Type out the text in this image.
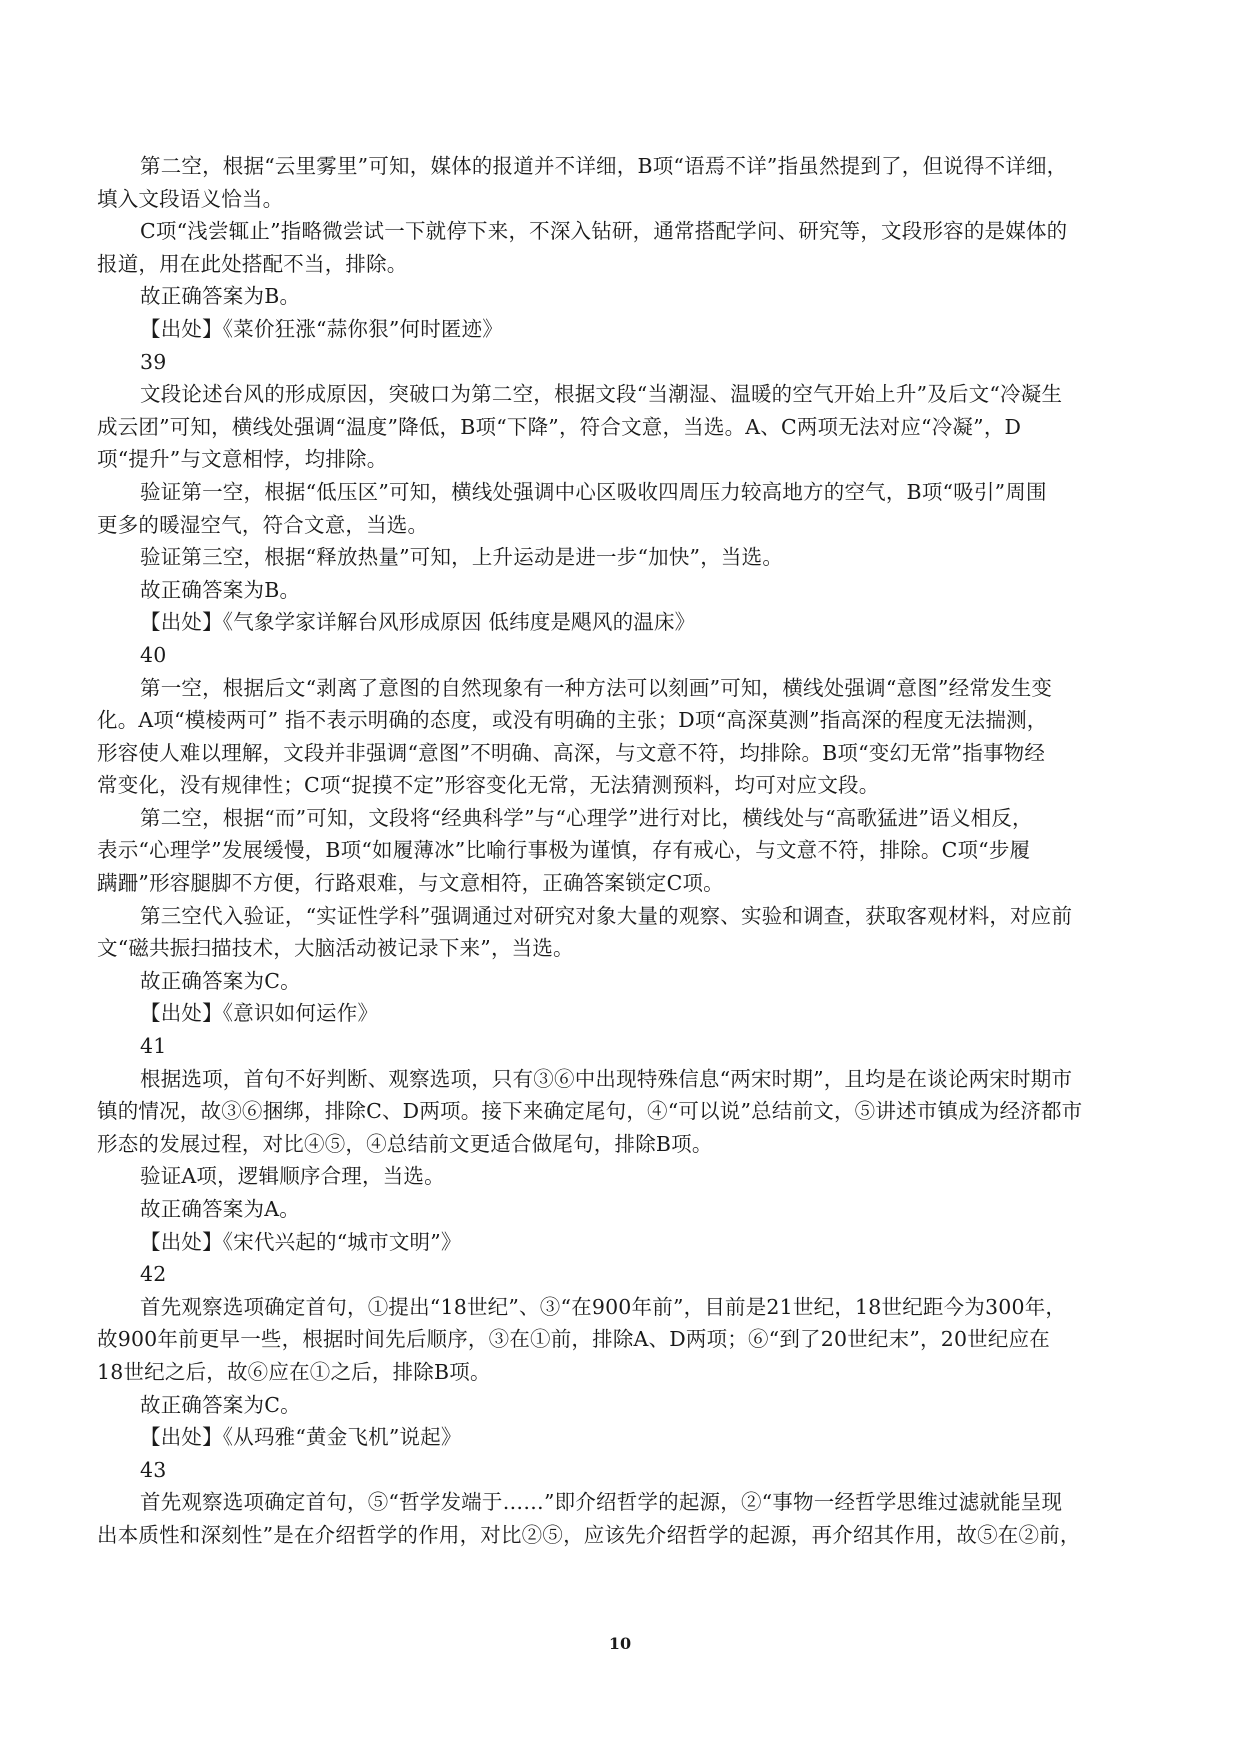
第二空，根据“云里雾里”可知，媒体的报道并不详细，B项“语焉不详”指虽然提到了，但说得不详细，
填入文段语义恰当。
C项“浅尝辄止”指略微尝试一下就停下来，不深入钻研，通常搭配学问、研究等，文段形容的是媒体的
报道，用在此处搭配不当，排除。
故正确答案为B。
【出处】《菜价狂涨“蒜你狠”何时匿迹》
39
文段论述台风的形成原因，突破口为第二空，根据文段“当潮湿、温暖的空气开始上升”及后文“冷凝生
成云团”可知，横线处强调“温度”降低，B项“下降”，符合文意，当选。A、C两项无法对应“冷凝”，D
项“提升”与文意相悖，均排除。
验证第一空，根据“低压区”可知，横线处强调中心区吸收四周压力较高地方的空气，B项“吸引”周围
更多的暖湿空气，符合文意，当选。
验证第三空，根据“释放热量”可知，上升运动是进一步“加快”，当选。
故正确答案为B。
【出处】《气象学家详解台风形成原因 低纬度是飓风的温床》
40
第一空，根据后文“剥离了意图的自然现象有一种方法可以刻画”可知，横线处强调“意图”经常发生变
化。A项“模棱两可” 指不表示明确的态度，或没有明确的主张；D项“高深莫测”指高深的程度无法揣测，
形容使人难以理解，文段并非强调“意图”不明确、高深，与文意不符，均排除。B项“变幻无常”指事物经
常变化，没有规律性；C项“捉摸不定”形容变化无常，无法猜测预料，均可对应文段。
第二空，根据“而”可知，文段将“经典科学”与“心理学”进行对比，横线处与“高歌猛进”语义相反，
表示“心理学”发展缓慢，B项“如履薄冰”比喻行事极为谨慎，存有戒心，与文意不符，排除。C项“步履
蹒跚”形容腿脚不方便，行路艰难，与文意相符，正确答案锁定C项。
第三空代入验证，“实证性学科”强调通过对研究对象大量的观察、实验和调查，获取客观材料，对应前
文“磁共振扫描技术，大脑活动被记录下来”，当选。
故正确答案为C。
【出处】《意识如何运作》
41
根据选项，首句不好判断、观察选项，只有③⑥中出现特殊信息“两宋时期”，且均是在谈论两宋时期市
镇的情况，故③⑥捆绑，排除C、D两项。接下来确定尾句，④“可以说”总结前文，⑤讲述市镇成为经济都市
形态的发展过程，对比④⑤，④总结前文更适合做尾句，排除B项。
验证A项，逻辑顺序合理，当选。
故正确答案为A。
【出处】《宋代兴起的“城市文明”》
42
首先观察选项确定首句，①提出“18世纪”、③“在900年前”，目前是21世纪，18世纪距今为300年，
故900年前更早一些，根据时间先后顺序，③在①前，排除A、D两项；⑥“到了20世纪末”，20世纪应在
18世纪之后，故⑥应在①之后，排除B项。
故正确答案为C。
【出处】《从玛雅“黄金飞机”说起》
43
首先观察选项确定首句，⑤“哲学发端于……”即介绍哲学的起源，②“事物一经哲学思维过滤就能呈现
出本质性和深刻性”是在介绍哲学的作用，对比②⑤，应该先介绍哲学的起源，再介绍其作用，故⑤在②前，
10
